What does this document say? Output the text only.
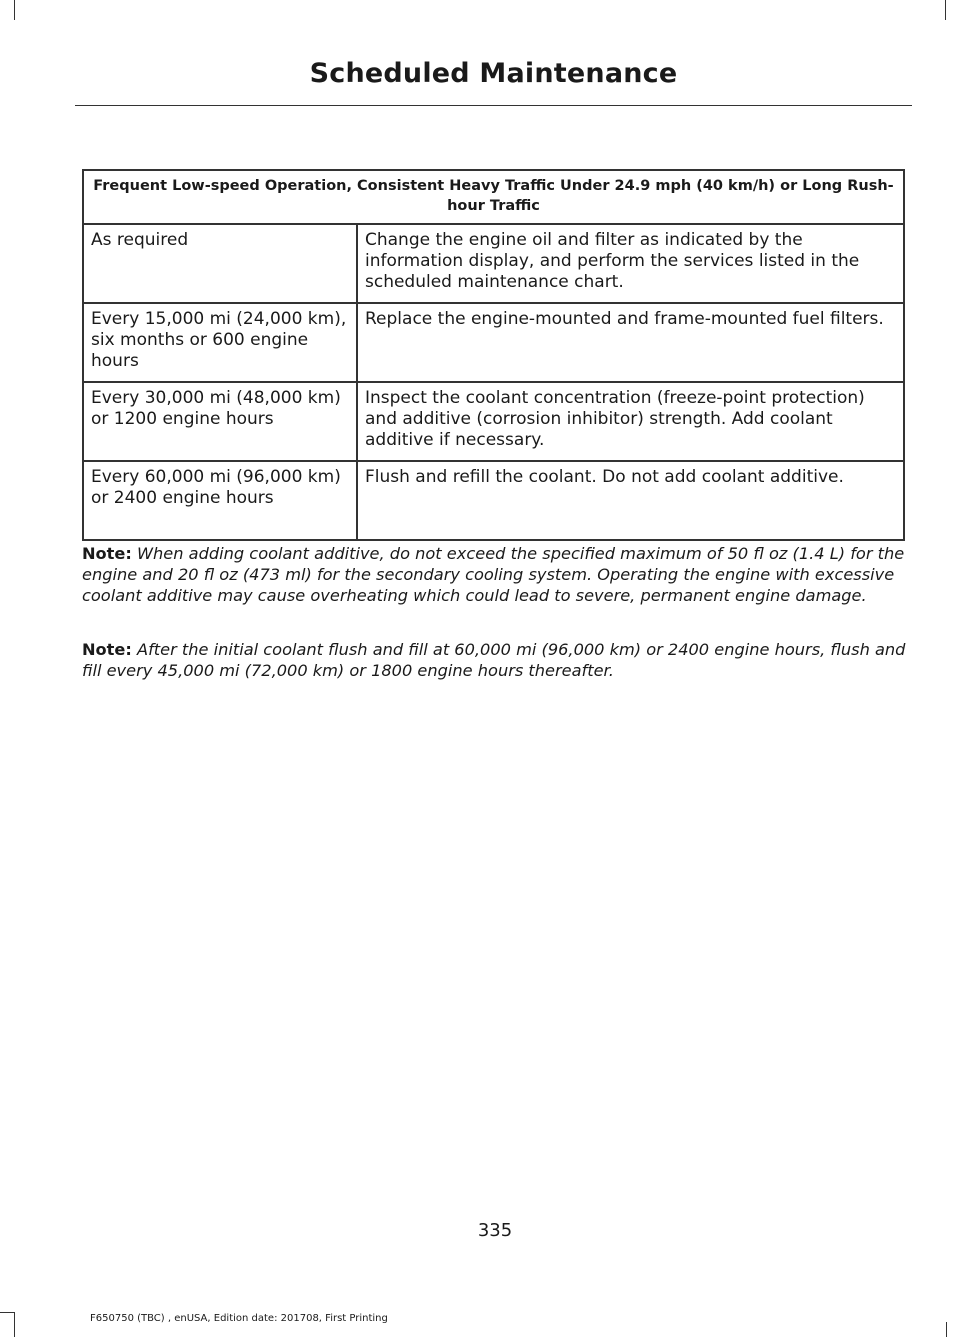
Scheduled Maintenance
Frequent Low-speed Operation, Consistent Heavy Traffic Under 24.9 mph (40 km/h) or Long Rush-hour Traffic	
As required	Change the engine oil and filter as indicated by the information display, and perform the services listed in the scheduled maintenance chart.
Every 15,000 mi (24,000 km), six months or 600 engine hours	Replace the engine-mounted and frame-mounted fuel filters.
Every 30,000 mi (48,000 km) or 1200 engine hours	Inspect the coolant concentration (freeze-point protection) and additive (corrosion inhibitor) strength. Add coolant additive if necessary.
Every 60,000 mi (96,000 km) or 2400 engine hours	Flush and refill the coolant. Do not add coolant additive.

Note: When adding coolant additive, do not exceed the specified maximum of 50 fl oz (1.4 L) for the engine and 20 fl oz (473 ml) for the secondary cooling system. Operating the engine with excessive coolant additive may cause overheating which could lead to severe, permanent engine damage.

Note: After the initial coolant flush and fill at 60,000 mi (96,000 km) or 2400 engine hours, flush and fill every 45,000 mi (72,000 km) or 1800 engine hours thereafter.

335
F650750 (TBC) , enUSA, Edition date: 201708, First Printing
